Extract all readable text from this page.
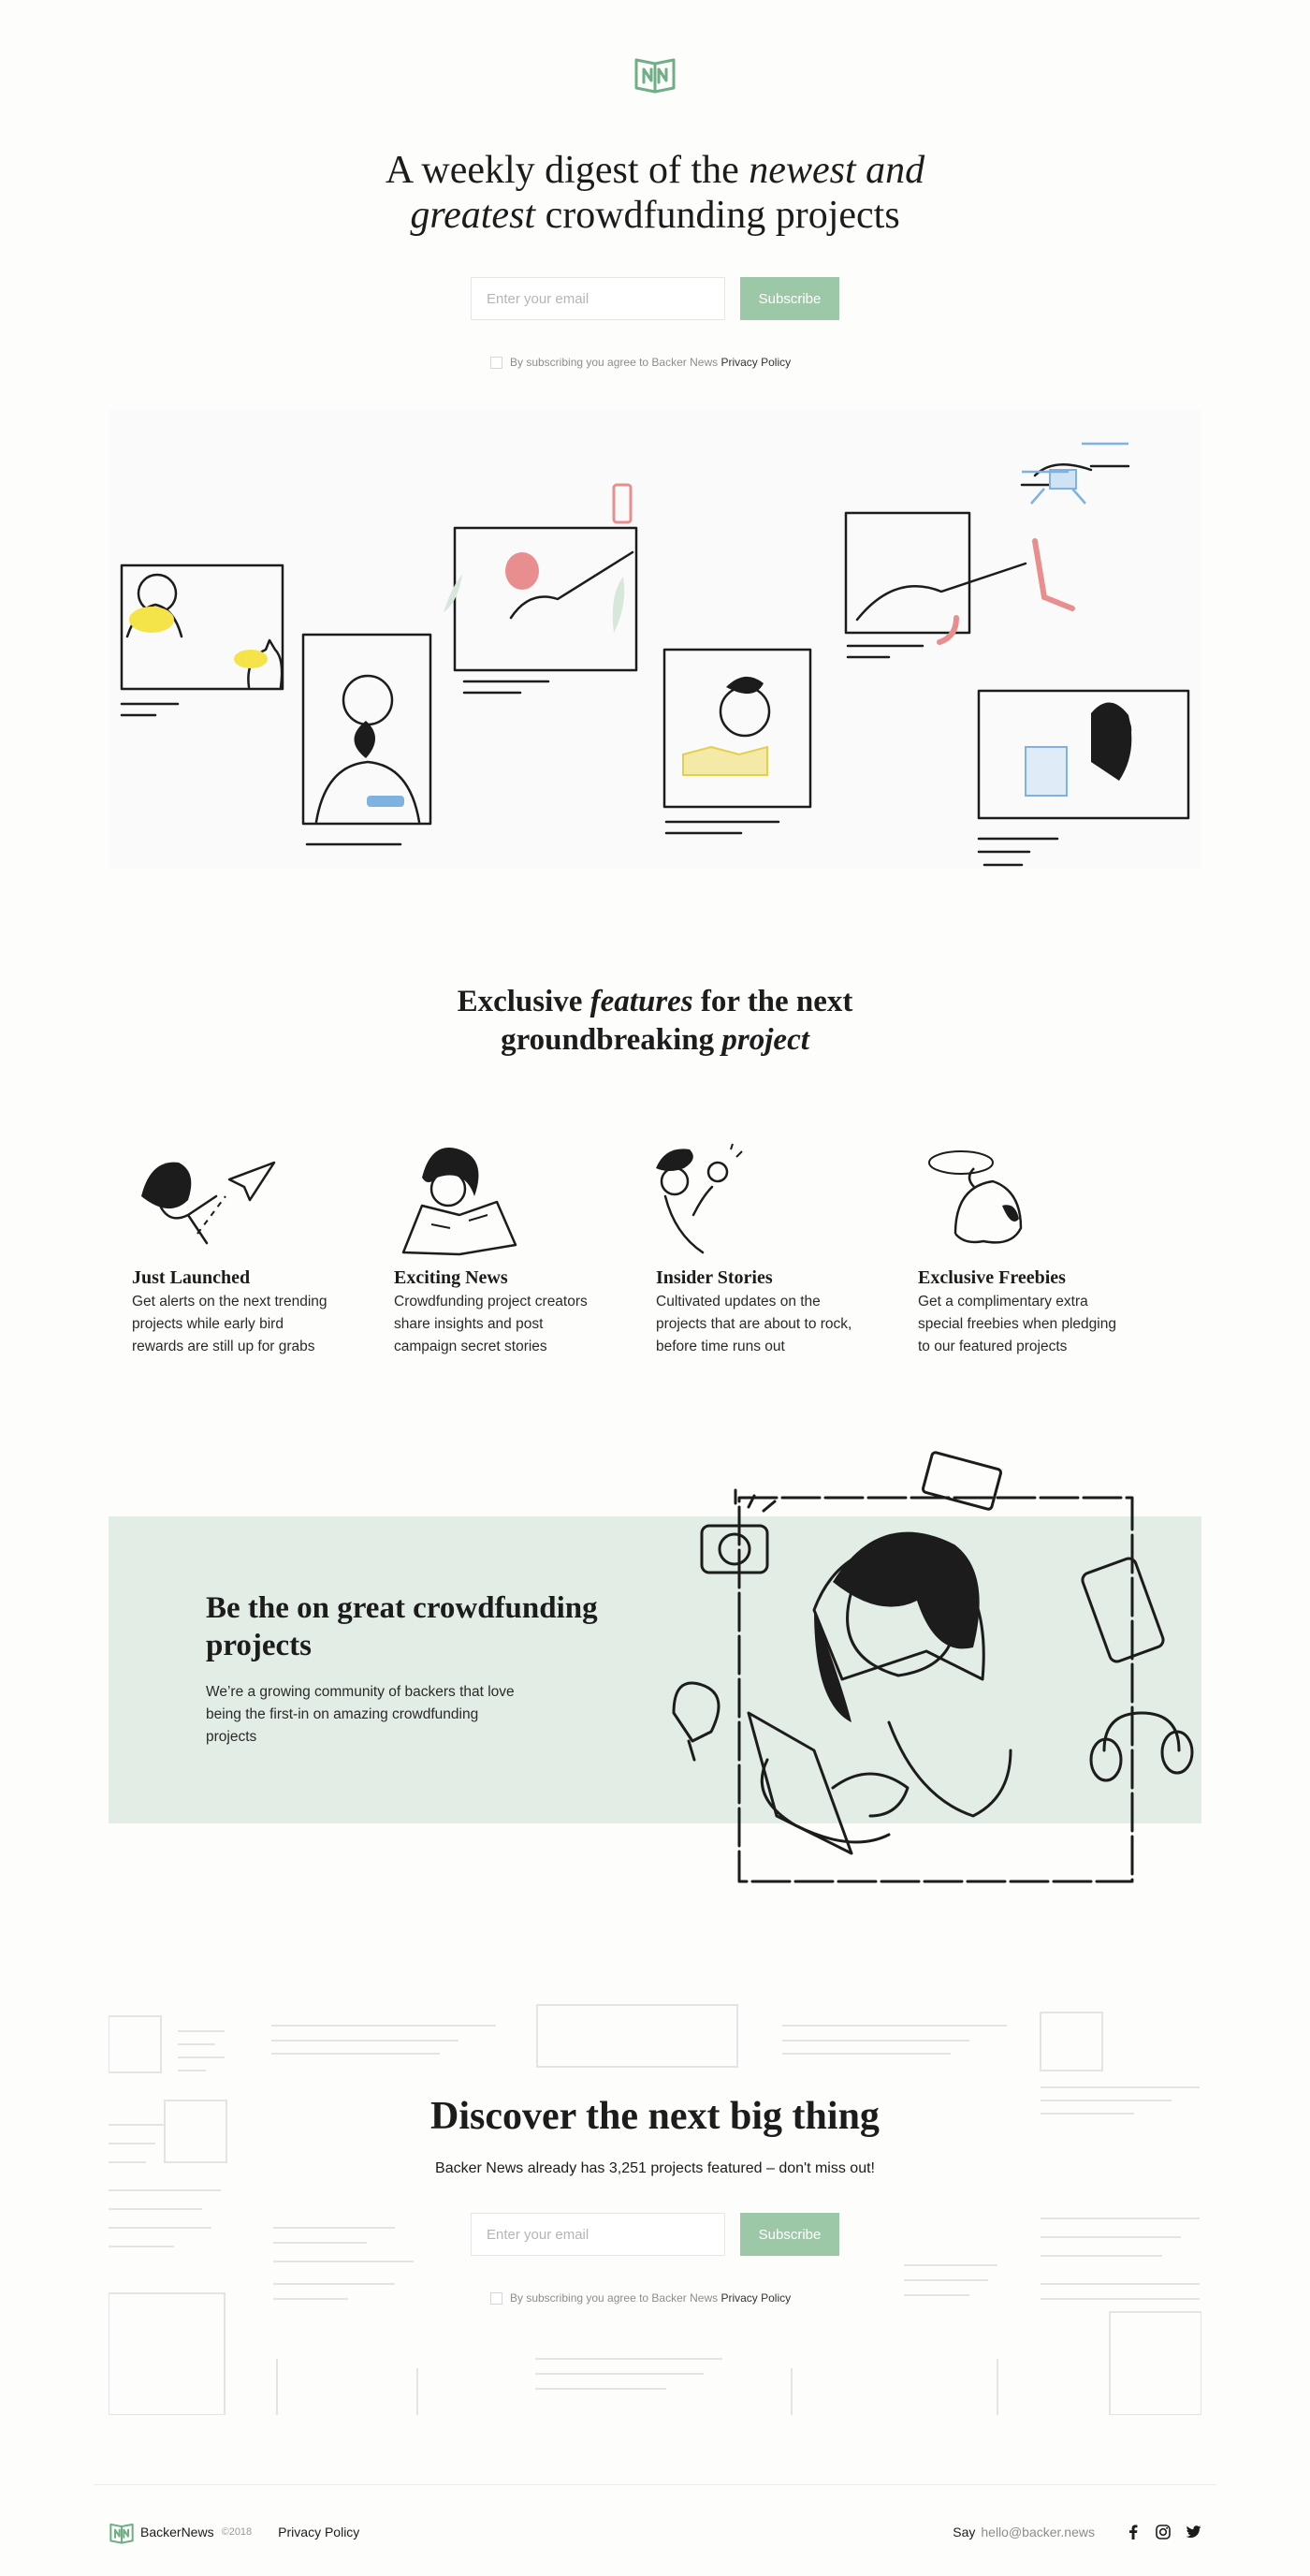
A weekly digest of the newest and
greatest crowdfunding projects
Enter your email
Subscribe
By subscribing you agree to Backer News Privacy Policy
Exclusive features for the next
groundbreaking project
Just Launched

Get alerts on the next trending projects while early bird rewards are still up for grabs

Exciting News

Crowdfunding project creators share insights and post campaign secret stories

Insider Stories

Cultivated updates on the projects that are about to rock, before time runs out

Exclusive Freebies

Get a complimentary extra special freebies when pledging to our featured projects

Be the on great crowdfunding projects

We’re a growing community of backers that love being the first-in on amazing crowdfunding projects

Discover the next big thing

Backer News already has 3,251 projects featured – don't miss out!

Enter your email
Subscribe
By subscribing you agree to Backer News Privacy Policy
BackerNews ©2018 Privacy Policy	Say hello@backer.news
